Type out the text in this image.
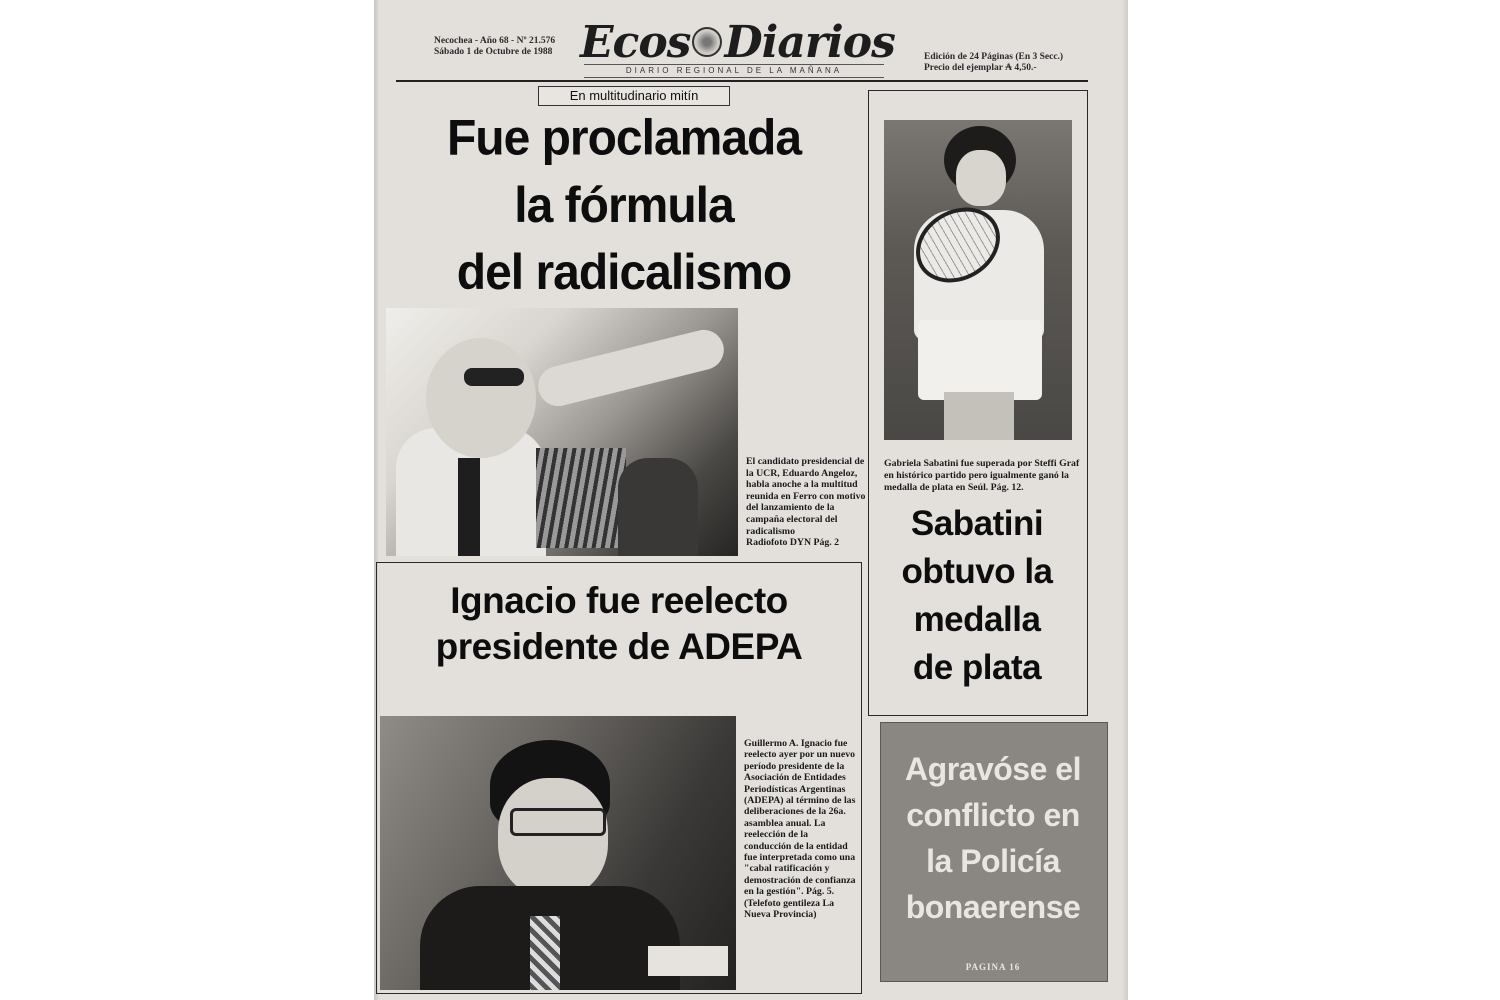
Necochea - Año 68 - Nº 21.576
Sábado 1 de Octubre de 1988 Ecos Diarios
DIARIO REGIONAL DE LA MAÑANA
Edición de 24 Páginas (En 3 Secc.)
Precio del ejemplar ₳ 4,50.-
En multitudinario mitín
Fue proclamada
la fórmula
del radicalismo
El candidato presidencial de la UCR, Eduardo Angeloz, habla anoche a la multitud reunida en Ferro con motivo del lanzamiento de la campaña electoral del radicalismo
Radiofoto DYN Pág. 2
Gabriela Sabatini fue superada por Steffi Graf en histórico partido pero igualmente ganó la medalla de plata en Seúl. Pág. 12.
Sabatini
obtuvo la
medalla
de plata
Ignacio fue reelecto
presidente de ADEPA
Guillermo A. Ignacio fue reelecto ayer por un nuevo período presidente de la Asociación de Entidades Periodísticas Argentinas (ADEPA) al término de las deliberaciones de la 26a. asamblea anual. La reelección de la conducción de la entidad fue interpretada como una "cabal ratificación y demostración de confianza en la gestión". Pág. 5.
(Telefoto gentileza La Nueva Provincia)
Agravóse el
conflicto en
la Policía
bonaerense
PAGINA 16
